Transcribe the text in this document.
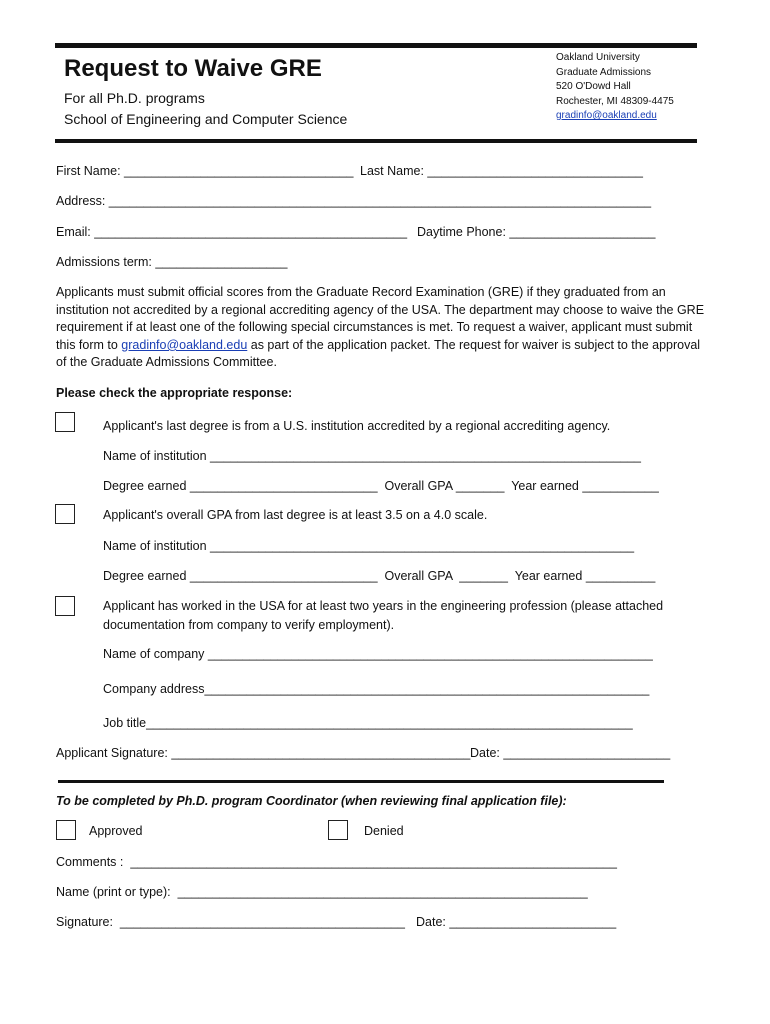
Request to Waive GRE
For all Ph.D. programs
School of Engineering and Computer Science
Oakland University
Graduate Admissions
520 O'Dowd Hall
Rochester, MI 48309-4475
gradinfo@oakland.edu
First Name: _________________________________ Last Name: _______________________________
Address: ______________________________________________________________________________
Email: _____________________________________________ Daytime Phone: _____________________
Admissions term: ___________________
Applicants must submit official scores from the Graduate Record Examination (GRE) if they graduated from an institution not accredited by a regional accrediting agency of the USA. The department may choose to waive the GRE requirement if at least one of the following special circumstances is met. To request a waiver, applicant must submit this form to gradinfo@oakland.edu as part of the application packet. The request for waiver is subject to the approval of the Graduate Admissions Committee.
Please check the appropriate response:
Applicant's last degree is from a U.S. institution accredited by a regional accrediting agency.
Name of institution ______________________________________________________________
Degree earned ___________________________  Overall GPA _______  Year earned ___________
Applicant's overall GPA from last degree is at least 3.5 on a 4.0 scale.
Name of institution _____________________________________________________________
Degree earned ___________________________  Overall GPA  _______  Year earned __________
Applicant has worked in the USA for at least two years in the engineering profession (please attached
documentation from company to verify employment).
Name of company ________________________________________________________________
Company address________________________________________________________________
Job title______________________________________________________________________
Applicant Signature: ___________________________________________ Date: ________________________
To be completed by Ph.D. program Coordinator (when reviewing final application file):
Approved	Denied
Comments :  ______________________________________________________________________
Name (print or type):  ___________________________________________________________
Signature:  _________________________________________ Date: ________________________
